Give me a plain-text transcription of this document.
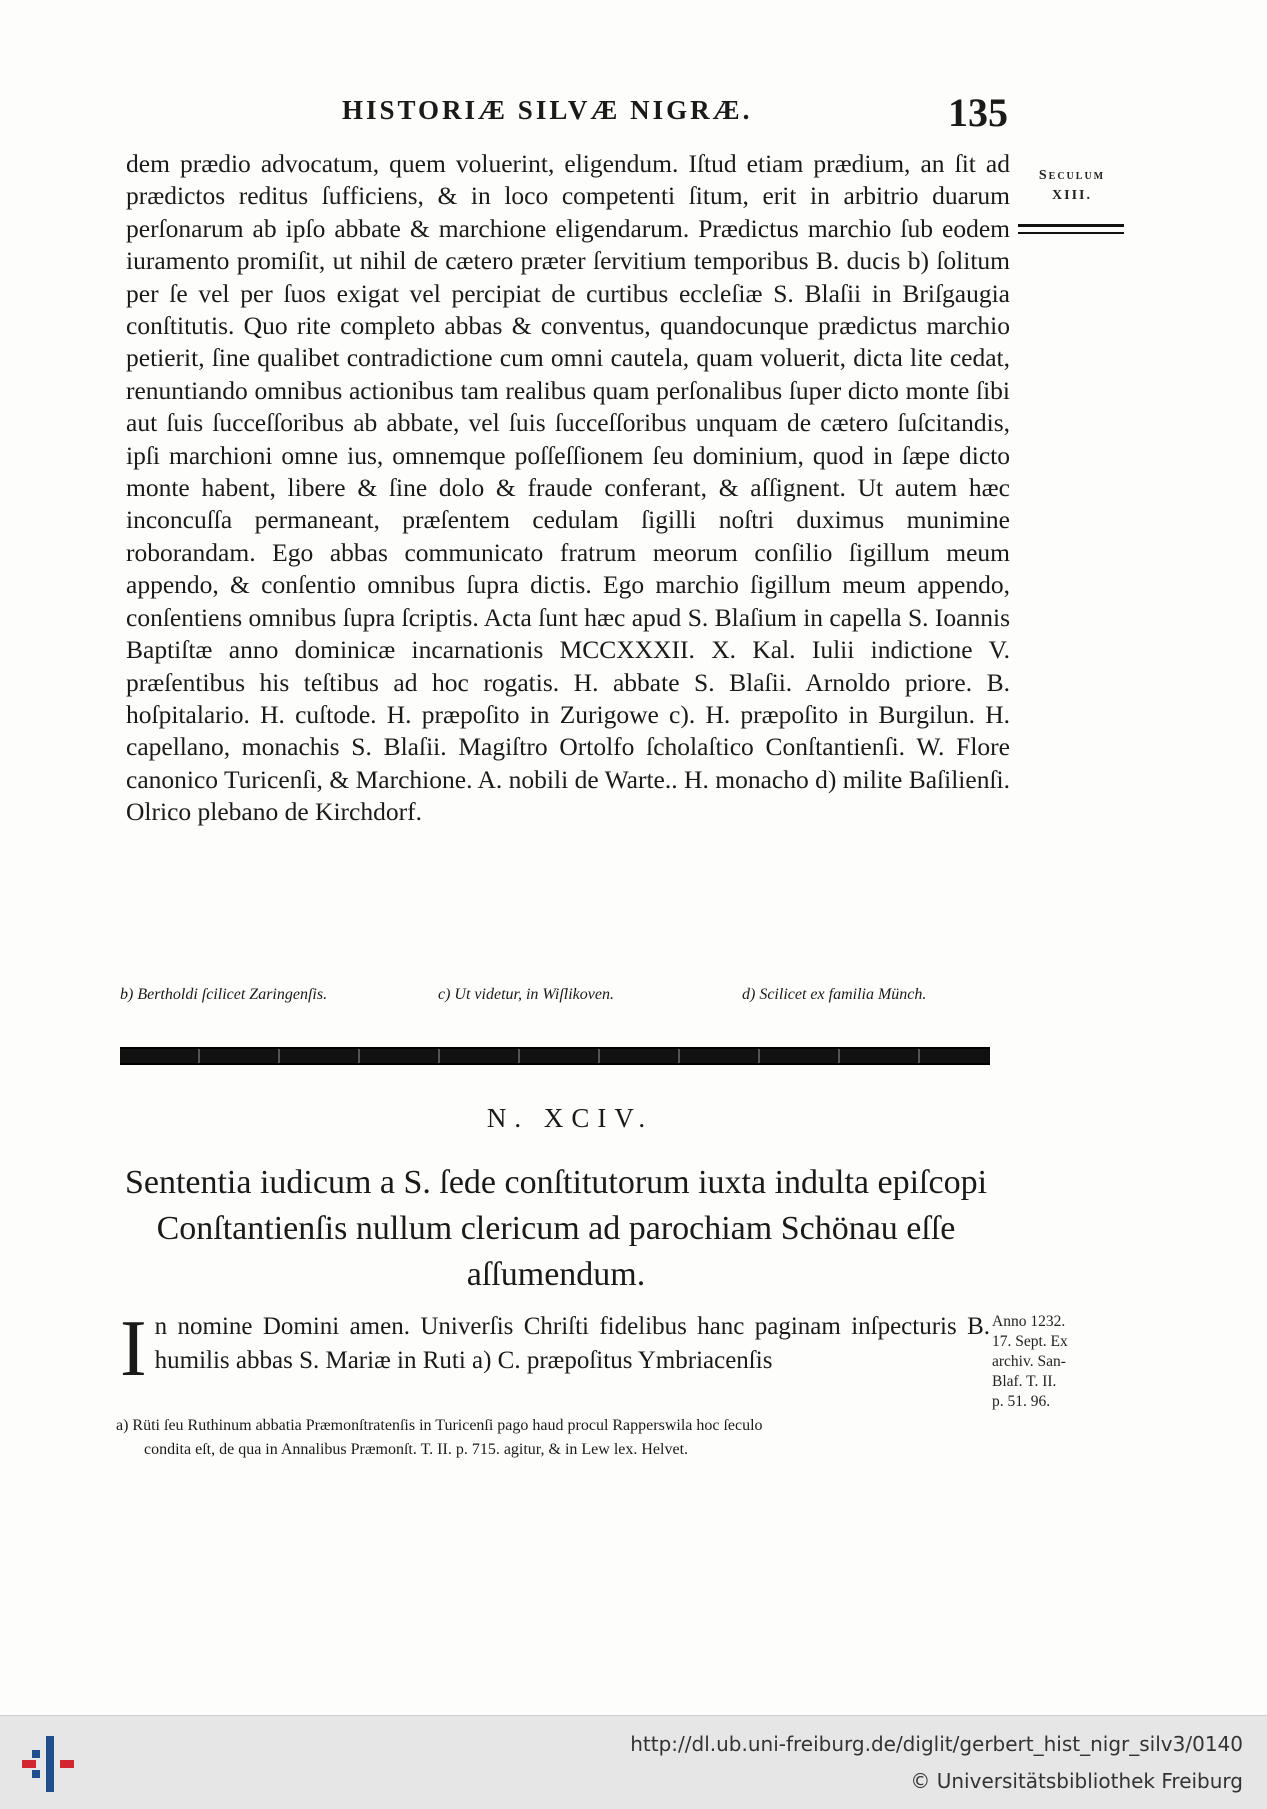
HISTORIÆ SILVÆ NIGRÆ.	135
Seculum
XIII.

dem prædio advocatum, quem voluerint, eligendum. Iſtud etiam prædium, an ſit ad prædictos reditus ſufficiens, & in loco competenti ſitum, erit in arbitrio duarum perſonarum ab ipſo abbate & marchione eligendarum. Prædictus marchio ſub eodem iuramento promiſit, ut nihil de cætero præter ſervitium temporibus B. ducis b) ſolitum per ſe vel per ſuos exigat vel percipiat de curtibus eccleſiæ S. Blaſii in Briſgaugia conſtitutis. Quo rite completo abbas & conventus, quandocunque prædictus marchio petierit, ſine qualibet contradictione cum omni cautela, quam voluerit, dicta lite cedat, renuntiando omnibus actionibus tam realibus quam perſonalibus ſuper dicto monte ſibi aut ſuis ſucceſſoribus ab abbate, vel ſuis ſucceſſoribus unquam de cætero ſuſcitandis, ipſi marchioni omne ius, omnemque poſſeſſionem ſeu dominium, quod in ſæpe dicto monte habent, libere & ſine dolo & fraude conferant, & aſſignent. Ut autem hæc inconcuſſa permaneant, præſentem cedulam ſigilli noſtri duximus munimine roborandam. Ego abbas communicato fratrum meorum conſilio ſigillum meum appendo, & conſentio omnibus ſupra dictis. Ego marchio ſigillum meum appendo, conſentiens omnibus ſupra ſcriptis. Acta ſunt hæc apud S. Blaſium in capella S. Ioannis Baptiſtæ anno dominicæ incarnationis MCCXXXII. X. Kal. Iulii indictione V. præſentibus his teſtibus ad hoc rogatis. H. abbate S. Blaſii. Arnoldo priore. B. hoſpitalario. H. cuſtode. H. præpoſito in Zurigowe c). H. præpoſito in Burgilun. H. capellano, monachis S. Blaſii. Magiſtro Ortolfo ſcholaſtico Conſtantienſi. W. Flore canonico Turicenſi, & Marchione. A. nobili de Warte.. H. monacho d) milite Baſilienſi. Olrico plebano de Kirchdorf.

b) Bertholdi ſcilicet Zaringenſis.	c) Ut videtur, in Wiſlikoven.	d) Scilicet ex familia Münch.
N. XCIV.
Sententia iudicum a S. ſede conſtitutorum iuxta indulta epiſcopi Conſtantienſis nullum clericum ad parochiam Schönau eſſe aſſumendum.
I n nomine Domini amen. Univerſis Chriſti fidelibus hanc paginam inſpecturis B. humilis abbas S. Mariæ in Ruti a) C. præpoſitus Ymbriacenſis
Anno 1232.
17. Sept. Ex
archiv. San-
Blaf. T. II.
p. 51. 96.
a) Rüti ſeu Ruthinum abbatia Præmonſtratenſis in Turicenſi pago haud procul Rapperswila hoc ſeculo
condita eſt, de qua in Annalibus Præmonſt. T. II. p. 715. agitur, & in Lew lex. Helvet.
http://dl.ub.uni-freiburg.de/diglit/gerbert_hist_nigr_silv3/0140
© Universitätsbibliothek Freiburg
